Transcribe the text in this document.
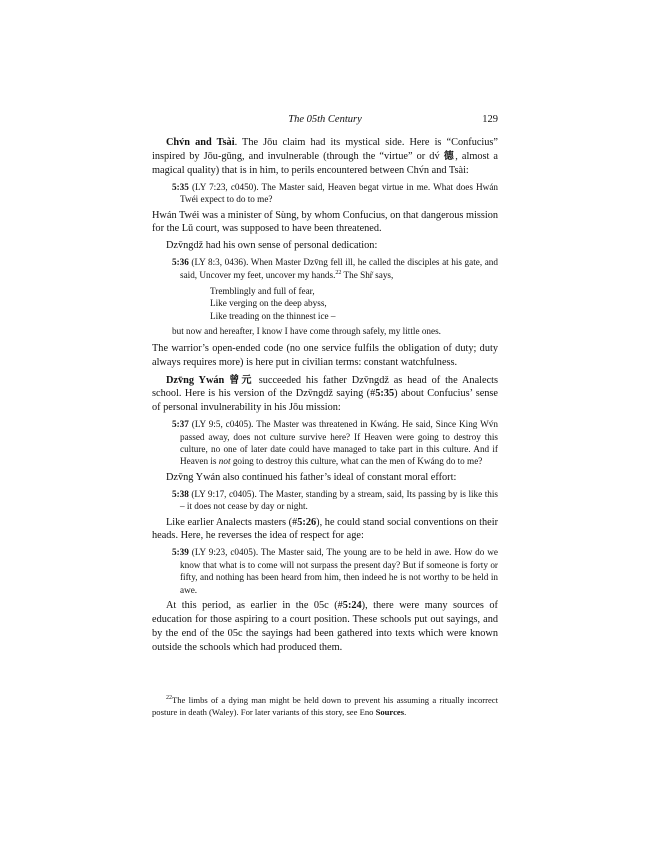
The 05th Century	129

Chv́n and Tsài. The Jōu claim had its mystical side. Here is “Confucius” inspired by Jōu-gūng, and invulnerable (through the “virtue” or dv́ 德, almost a magical quality) that is in him, to perils encountered between Chv́n and Tsài:

5:35 (LY 7:23, c0450). The Master said, Heaven begat virtue in me. What does Hwán Twéi expect to do to me?

Hwán Twéi was a minister of Sùng, by whom Confucius, on that dangerous mission for the Lǔ court, was supposed to have been threatened.

Dzv̄ngdž had his own sense of personal dedication:

5:36 (LY 8:3, 0436). When Master Dzv̄ng fell ill, he called the disciples at his gate, and said, Uncover my feet, uncover my hands.$^{22}$ The Shr̃ says,

Tremblingly and full of fear,
Like verging on the deep abyss,
Like treading on the thinnest ice –

but now and hereafter, I know I have come through safely, my little ones.

The warrior’s open-ended code (no one service fulfils the obligation of duty; duty always requires more) is here put in civilian terms: constant watchfulness.

Dzv̄ng Ywán 曾元 succeeded his father Dzv̄ngdž as head of the Analects school. Here is his version of the Dzv̄ngdž saying (#5:35) about Confucius’ sense of personal invulnerability in his Jōu mission:

5:37 (LY 9:5, c0405). The Master was threatened in Kwáng. He said, Since King Wv́n passed away, does not culture survive here? If Heaven were going to destroy this culture, no one of later date could have managed to take part in this culture. And if Heaven is not going to destroy this culture, what can the men of Kwáng do to me?

Dzv̄ng Ywán also continued his father’s ideal of constant moral effort:

5:38 (LY 9:17, c0405). The Master, standing by a stream, said, Its passing by is like this – it does not cease by day or night.

Like earlier Analects masters (#5:26), he could stand social conventions on their heads. Here, he reverses the idea of respect for age:

5:39 (LY 9:23, c0405). The Master said, The young are to be held in awe. How do we know that what is to come will not surpass the present day? But if someone is forty or fifty, and nothing has been heard from him, then indeed he is not worthy to be held in awe.

At this period, as earlier in the 05c (#5:24), there were many sources of education for those aspiring to a court position. These schools put out sayings, and by the end of the 05c the sayings had been gathered into texts which were known outside the schools which had produced them.

$^{22}$The limbs of a dying man might be held down to prevent his assuming a ritually incorrect posture in death (Waley). For later variants of this story, see Eno Sources.
